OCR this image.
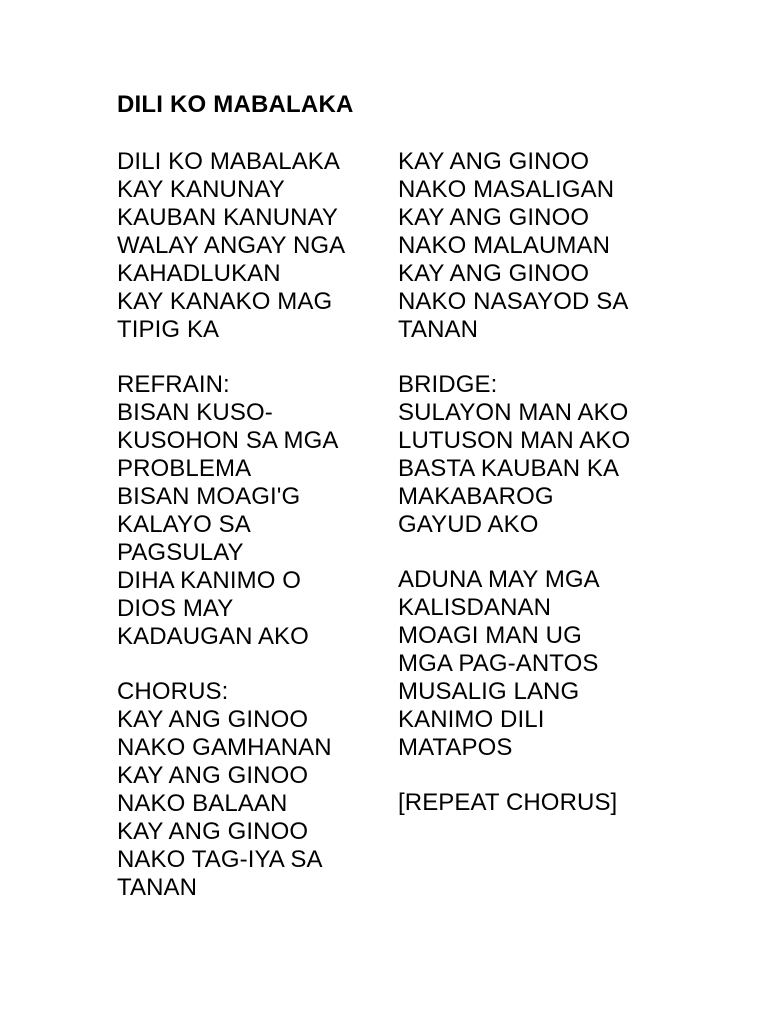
DILI KO MABALAKA
DILI KO MABALAKA
KAY KANUNAY
KAUBAN KANUNAY
WALAY ANGAY NGA
KAHADLUKAN
KAY KANAKO MAG
TIPIG KA
REFRAIN:
BISAN KUSO-
KUSOHON SA MGA
PROBLEMA
BISAN MOAGI'G
KALAYO SA
PAGSULAY
DIHA KANIMO O
DIOS MAY
KADAUGAN AKO
CHORUS:
KAY ANG GINOO
NAKO GAMHANAN
KAY ANG GINOO
NAKO BALAAN
KAY ANG GINOO
NAKO TAG-IYA SA
TANAN
KAY ANG GINOO
NAKO MASALIGAN
KAY ANG GINOO
NAKO MALAUMAN
KAY ANG GINOO
NAKO NASAYOD SA
TANAN
BRIDGE:
SULAYON MAN AKO
LUTUSON MAN AKO
BASTA KAUBAN KA
MAKABAROG
GAYUD AKO
ADUNA MAY MGA
KALISDANAN
MOAGI MAN UG
MGA PAG-ANTOS
MUSALIG LANG
KANIMO DILI
MATAPOS
[REPEAT CHORUS]
